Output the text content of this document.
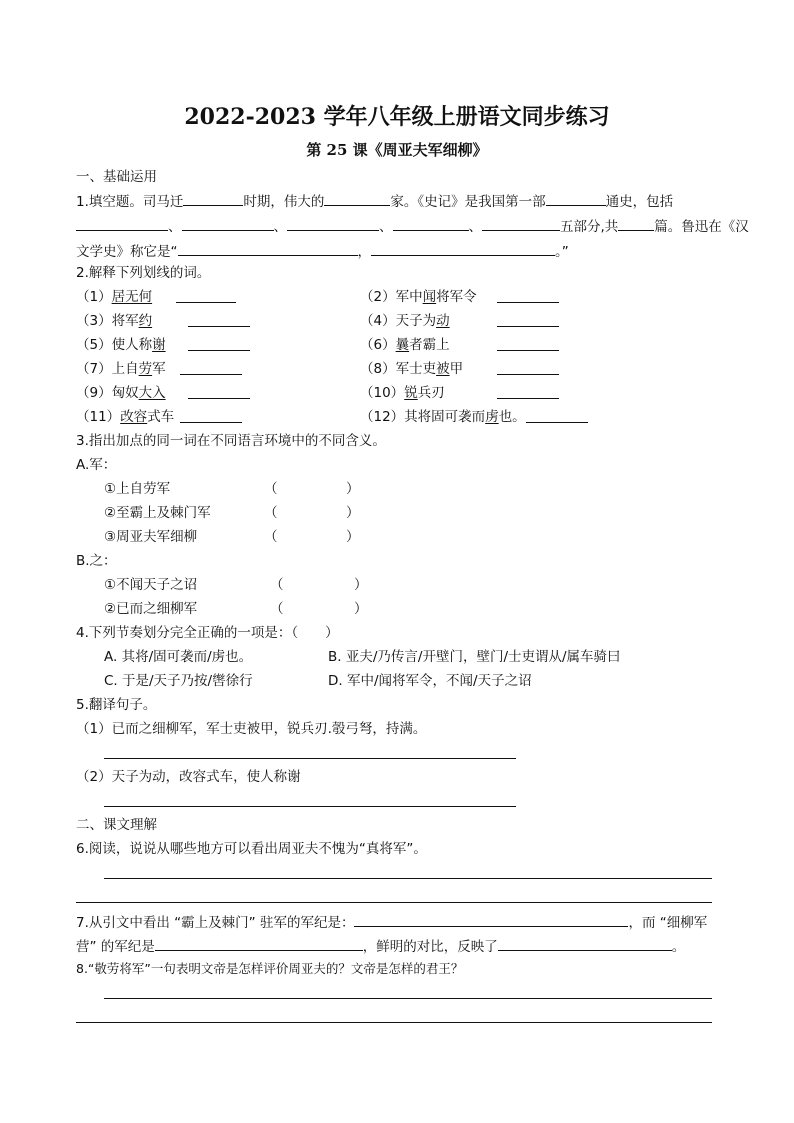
2022-2023 学年八年级上册语文同步练习
第 25 课《周亚夫军细柳》
一、基础运用
1.填空题。司马迁	时期，伟大的	家。《史记》是我国第一部	通史，包括
、	、	、	、	五部分,共	篇。鲁迅在《汉
文学史》称它是“	，	。”
2.解释下列划线的词。
（1）居无何	（2）军中闻将军令
（3）将军约	（4）天子为动
（5）使人称谢	（6）曩者霸上
（7）上自劳军	（8）军士吏被甲
（9）匈奴大入	（10）锐兵刃
（11）改容式车	（12）其将固可袭而虏也。
3.指出加点的同一词在不同语言环境中的不同含义。
A.军：
①上自劳军	（	）
②至霸上及棘门军	（	）
③周亚夫军细柳	（	）
B.之：
①不闻天子之诏	（	）
②已而之细柳军	（	）
4.下列节奏划分完全正确的一项是：（　　）
A. 其将/固可袭而/虏也。	B. 亚夫/乃传言/开壁门，壁门/士吏谓从/属车骑曰
C. 于是/天子乃按/辔徐行	D. 军中/闻将军令，不闻/天子之诏
5.翻译句子。
（1）已而之细柳军，军士吏被甲，锐兵刃.彀弓弩，持满。
（2）天子为动，改容式车，使人称谢
二、课文理解
6.阅读，说说从哪些地方可以看出周亚夫不愧为“真将军”。
7.从引文中看出 “霸上及棘门” 驻军的军纪是：	，而 “细柳军
营” 的军纪是	，鲜明的对比，反映了	。
8.“敬劳将军”一句表明文帝是怎样评价周亚夫的？文帝是怎样的君王？
